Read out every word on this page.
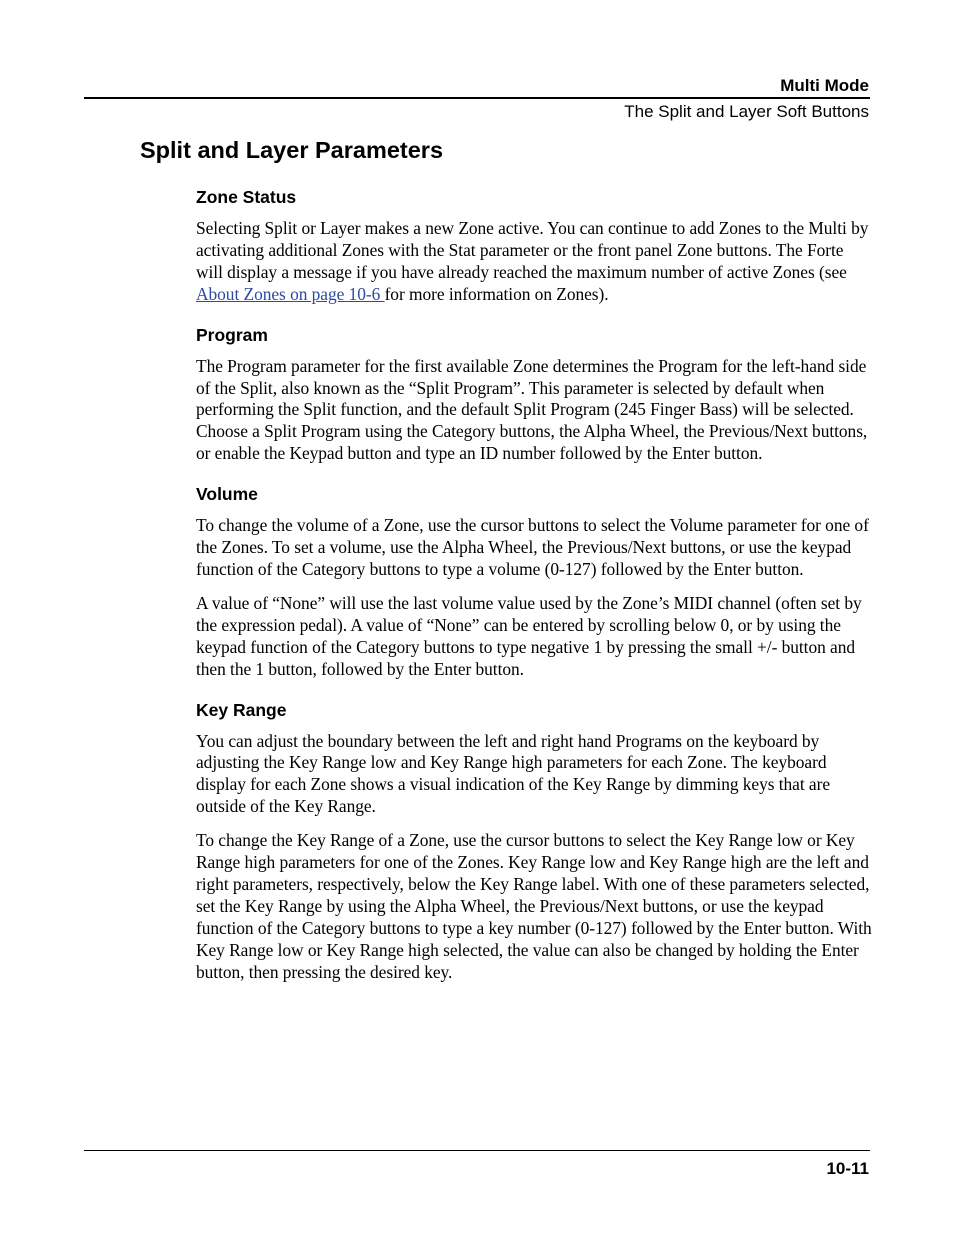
Multi Mode
The Split and Layer Soft Buttons
Split and Layer Parameters
Zone Status

Selecting Split or Layer makes a new Zone active. You can continue to add Zones to the Multi by activating additional Zones with the Stat parameter or the front panel Zone buttons. The Forte will display a message if you have already reached the maximum number of active Zones (see About Zones on page 10-6 for more information on Zones).

Program

The Program parameter for the first available Zone determines the Program for the left-hand side of the Split, also known as the “Split Program”. This parameter is selected by default when performing the Split function, and the default Split Program (245 Finger Bass) will be selected. Choose a Split Program using the Category buttons, the Alpha Wheel, the Previous/​Next buttons, or enable the Keypad button and type an ID number followed by the Enter button.

Volume

To change the volume of a Zone, use the cursor buttons to select the Volume parameter for one of the Zones. To set a volume, use the Alpha Wheel, the Previous/Next buttons, or use the keypad function of the Category buttons to type a volume (0-127) followed by the Enter button.

A value of “None” will use the last volume value used by the Zone’s MIDI channel (often set by the expression pedal). A value of “None” can be entered by scrolling below 0, or by using the keypad function of the Category buttons to type negative 1 by pressing the small +/- button and then the 1 button, followed by the Enter button.

Key Range

You can adjust the boundary between the left and right hand Programs on the keyboard by adjusting the Key Range low and Key Range high parameters for each Zone. The keyboard display for each Zone shows a visual indication of the Key Range by dimming keys that are outside of the Key Range.

To change the Key Range of a Zone, use the cursor buttons to select the Key Range low or Key Range high parameters for one of the Zones. Key Range low and Key Range high are the left and right parameters, respectively, below the Key Range label. With one of these parameters selected, set the Key Range by using the Alpha Wheel, the Previous/Next buttons, or use the keypad function of the Category buttons to type a key number (0-127) followed by the Enter button. With Key Range low or Key Range high selected, the value can also be changed by holding the Enter button, then pressing the desired key.

10-11
